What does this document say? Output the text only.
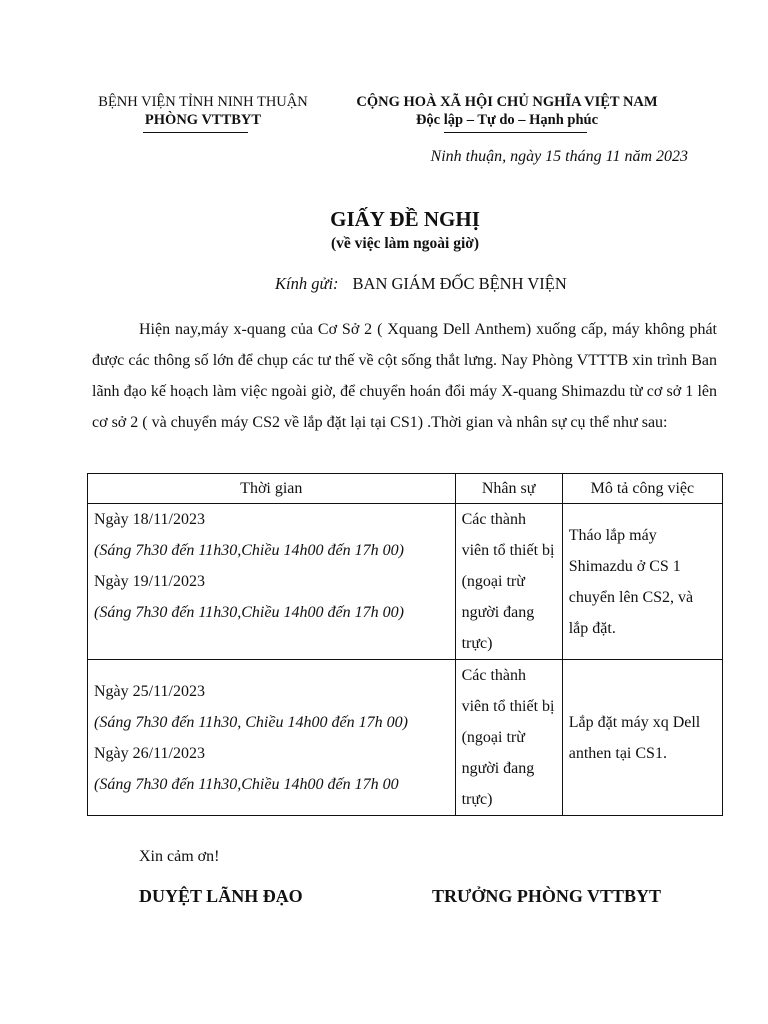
BỆNH VIỆN TỈNH NINH THUẬN
PHÒNG VTTBYT
CỘNG HOÀ XÃ HỘI CHỦ NGHĨA VIỆT NAM
Độc lập – Tự do – Hạnh phúc
Ninh thuận, ngày 15 tháng 11 năm 2023
GIẤY ĐỀ NGHỊ
(về việc làm ngoài giờ)
Kính gửi: BAN GIÁM ĐỐC BỆNH VIỆN
Hiện nay,máy x-quang của Cơ Sở 2 ( Xquang Dell Anthem) xuống cấp, máy không phát được các thông số lớn để chụp các tư thế về cột sống thắt lưng. Nay Phòng VTTTB xin trình Ban lãnh đạo kế hoạch làm việc ngoài giờ, để chuyển hoán đổi máy X-quang Shimazdu từ cơ sở 1 lên cơ sở 2 ( và chuyển máy CS2 về lắp đặt lại tại CS1) .Thời gian và nhân sự cụ thể như sau:
Thời gian	Nhân sự	Mô tả công việc

Ngày 18/11/2023
(Sáng 7h30 đến 11h30,Chiều 14h00 đến 17h 00)
Ngày 19/11/2023
(Sáng 7h30 đến 11h30,Chiều 14h00 đến 17h 00)	Các thành viên tổ thiết bị (ngoại trừ người đang trực)	Tháo lắp máy Shimazdu ở CS 1 chuyển lên CS2, và lắp đặt.

Ngày 25/11/2023
(Sáng 7h30 đến 11h30, Chiều 14h00 đến 17h 00)
Ngày 26/11/2023
(Sáng 7h30 đến 11h30,Chiều 14h00 đến 17h 00	Các thành viên tổ thiết bị (ngoại trừ người đang trực)	Lắp đặt máy xq Dell anthen tại CS1.
Xin cảm ơn!
DUYỆT LÃNH ĐẠO	TRƯỞNG PHÒNG VTTBYT
